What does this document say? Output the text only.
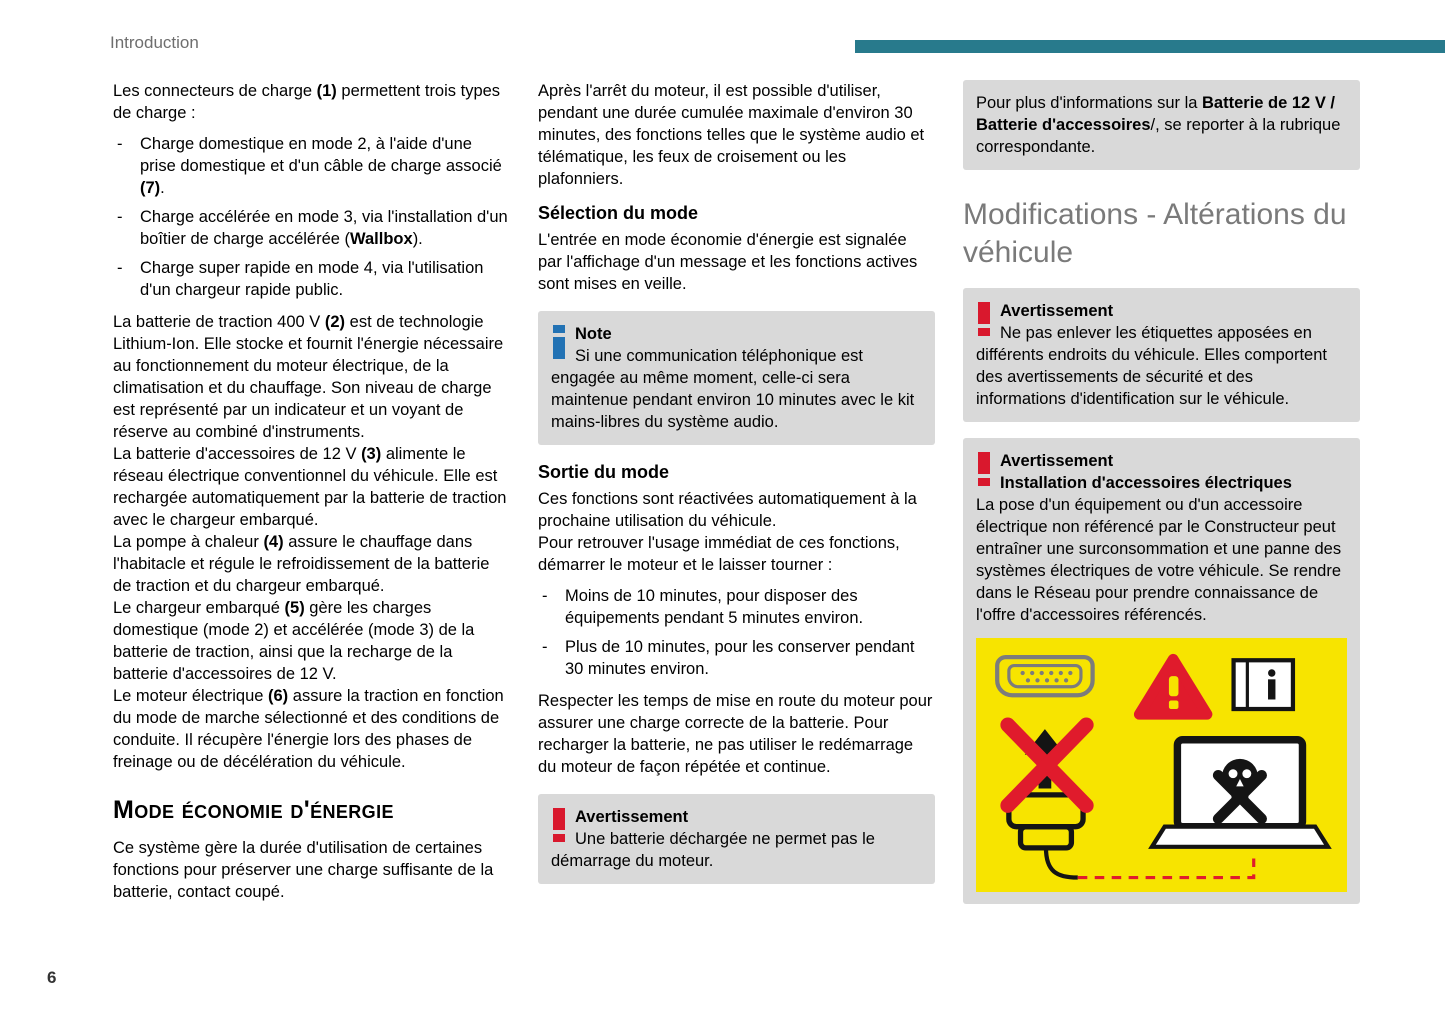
Introduction

Les connecteurs de charge (1) permettent trois types de charge :

- Charge domestique en mode 2, à l'aide d'une prise domestique et d'un câble de charge associé (7).
- Charge accélérée en mode 3, via l'installation d'un boîtier de charge accélérée (Wallbox).
- Charge super rapide en mode 4, via l'utilisation d'un chargeur rapide public.

La batterie de traction 400 V (2) est de technologie Lithium-Ion. Elle stocke et fournit l'énergie nécessaire au fonctionnement du moteur électrique, de la climatisation et du chauffage. Son niveau de charge est représenté par un indicateur et un voyant de réserve au combiné d'instruments.

La batterie d'accessoires de 12 V (3) alimente le réseau électrique conventionnel du véhicule. Elle est rechargée automatiquement par la batterie de traction avec le chargeur embarqué.

La pompe à chaleur (4) assure le chauffage dans l'habitacle et régule le refroidissement de la batterie de traction et du chargeur embarqué.

Le chargeur embarqué (5) gère les charges domestique (mode 2) et accélérée (mode 3) de la batterie de traction, ainsi que la recharge de la batterie d'accessoires de 12 V.

Le moteur électrique (6) assure la traction en fonction du mode de marche sélectionné et des conditions de conduite. Il récupère l'énergie lors des phases de freinage ou de décélération du véhicule.

Mode économie d'énergie

Ce système gère la durée d'utilisation de certaines fonctions pour préserver une charge suffisante de la batterie, contact coupé.

Après l'arrêt du moteur, il est possible d'utiliser, pendant une durée cumulée maximale d'environ 30 minutes, des fonctions telles que le système audio et télématique, les feux de croisement ou les plafonniers.

Sélection du mode

L'entrée en mode économie d'énergie est signalée par l'affichage d'un message et les fonctions actives sont mises en veille.

Note
Si une communication téléphonique est engagée au même moment, celle-ci sera maintenue pendant environ 10 minutes avec le kit mains-libres du système audio.
Sortie du mode

Ces fonctions sont réactivées automatiquement à la prochaine utilisation du véhicule.

Pour retrouver l'usage immédiat de ces fonctions, démarrer le moteur et le laisser tourner :

- Moins de 10 minutes, pour disposer des équipements pendant 5 minutes environ.
- Plus de 10 minutes, pour les conserver pendant 30 minutes environ.

Respecter les temps de mise en route du moteur pour assurer une charge correcte de la batterie. Pour recharger la batterie, ne pas utiliser le redémarrage du moteur de façon répétée et continue.

Avertissement
Une batterie déchargée ne permet pas le démarrage du moteur.
Pour plus d'informations sur la Batterie de 12 V / Batterie d'accessoires/, se reporter à la rubrique correspondante.
Modifications - Altérations du véhicule
Avertissement
Ne pas enlever les étiquettes apposées en différents endroits du véhicule. Elles comportent des avertissements de sécurité et des informations d'identification sur le véhicule.
Avertissement
Installation d'accessoires électriques
La pose d'un équipement ou d'un accessoire électrique non référencé par le Constructeur peut entraîner une surconsommation et une panne des systèmes électriques de votre véhicule. Se rendre dans le Réseau pour prendre connaissance de l'offre d'accessoires référencés.
6
